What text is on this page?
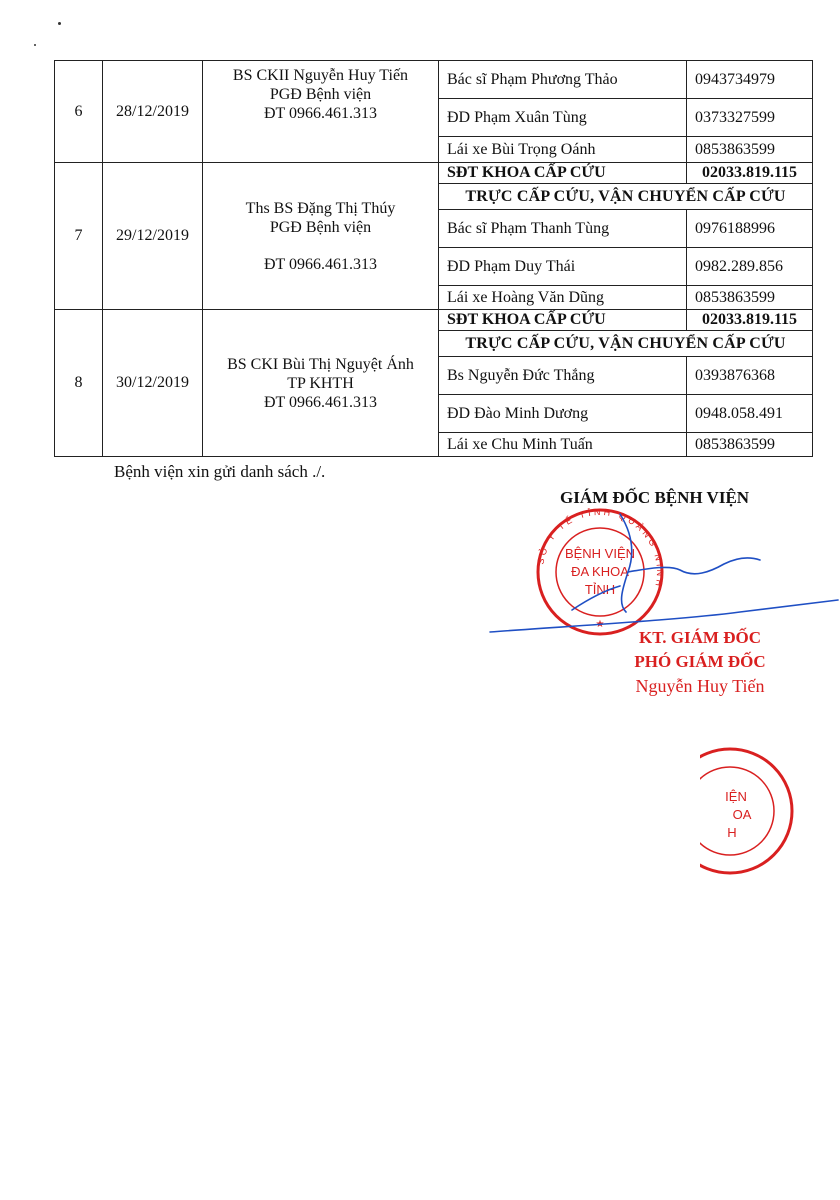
6	28/12/2019	BS CKII Nguyễn Huy Tiến
PGĐ Bệnh viện
ĐT 0966.461.313	Bác sĩ Phạm Phương Thảo	0943734979
			ĐD Phạm Xuân Tùng	0373327599
			Lái xe Bùi Trọng Oánh	0853863599
7	29/12/2019	Ths BS Đặng Thị Thúy
PGĐ Bệnh viện
ĐT 0966.461.313	SĐT KHOA CẤP CỨU	02033.819.115
			TRỰC CẤP CỨU, VẬN CHUYỂN CẤP CỨU	
			Bác sĩ Phạm Thanh Tùng	0976188996
			ĐD Phạm Duy Thái	0982.289.856
			Lái xe Hoàng Văn Dũng	0853863599
8	30/12/2019	BS CKI Bùi Thị Nguyệt Ánh
TP KHTH
ĐT 0966.461.313	SĐT KHOA CẤP CỨU	02033.819.115
			TRỰC CẤP CỨU, VẬN CHUYỂN CẤP CỨU	
			Bs Nguyễn Đức Thắng	0393876368
			ĐD Đào Minh Dương	0948.058.491
			Lái xe Chu Minh Tuấn	0853863599

Bệnh viện xin gửi danh sách ./.

GIÁM ĐỐC BỆNH VIỆN

SỞ Y TẾ TỈNH QUẢNG NINH
BỆNH VIỆN
ĐA KHOA
TỈNH
★
KT. GIÁM ĐỐC
PHÓ GIÁM ĐỐC
Nguyễn Huy Tiến
IỆN
OA
H
